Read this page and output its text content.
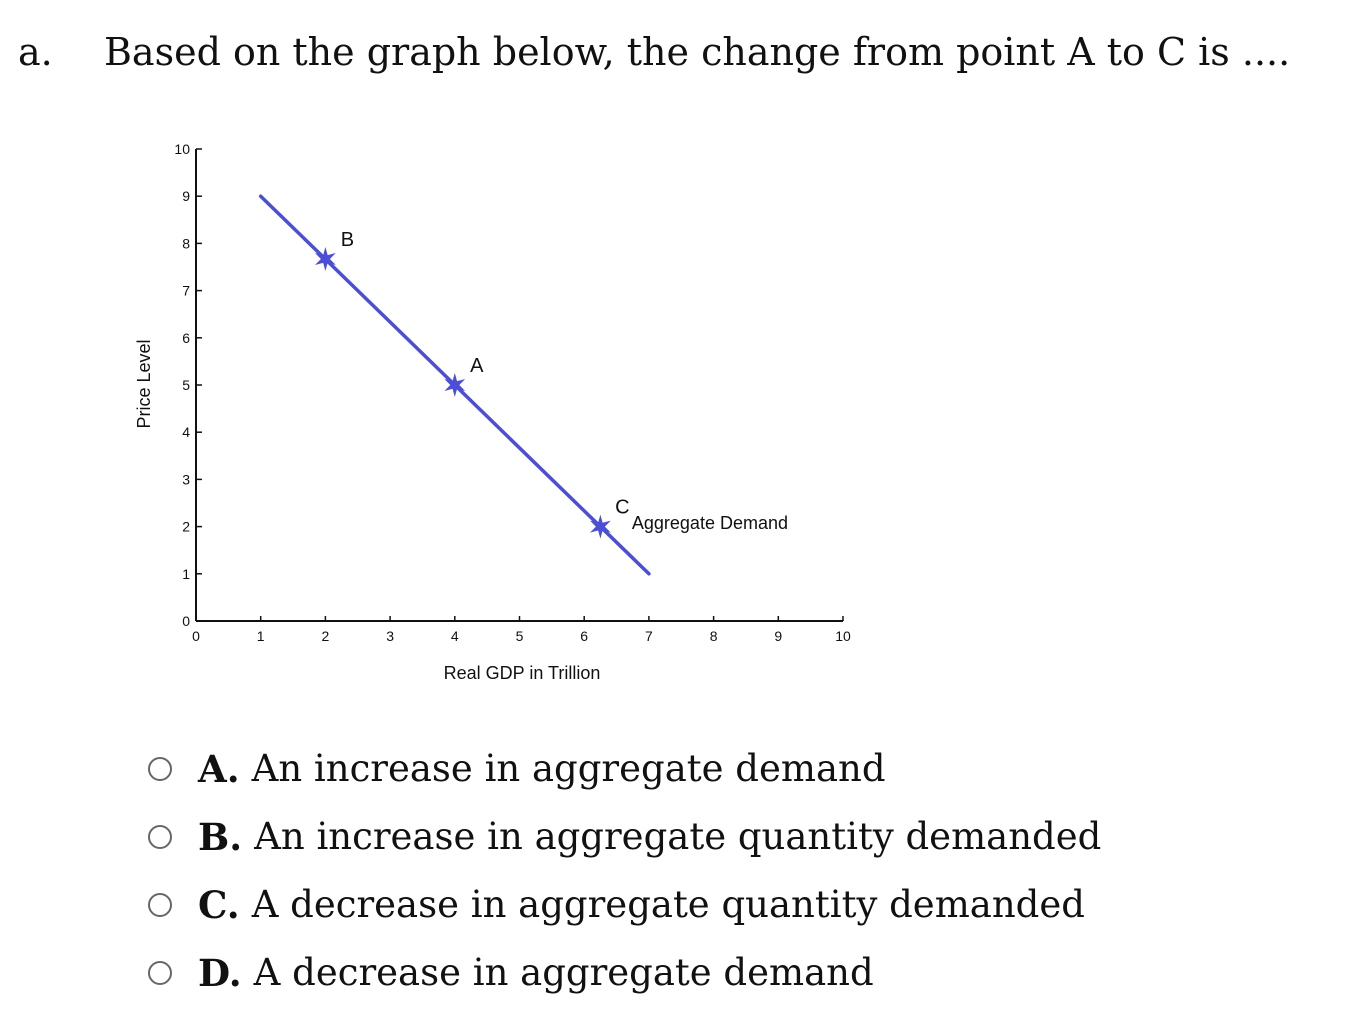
a. Based on the graph below, the change from point A to C is ....
0	1	2	3	4	5	6	7	8	9	10
0
1
2
3
4
5
6
7
8
9
10
Aggregate Demand
B
A
C
Real GDP in Trillion
Price Level
A. An increase in aggregate demand
B. An increase in aggregate quantity demanded
C. A decrease in aggregate quantity demanded
D. A decrease in aggregate demand
